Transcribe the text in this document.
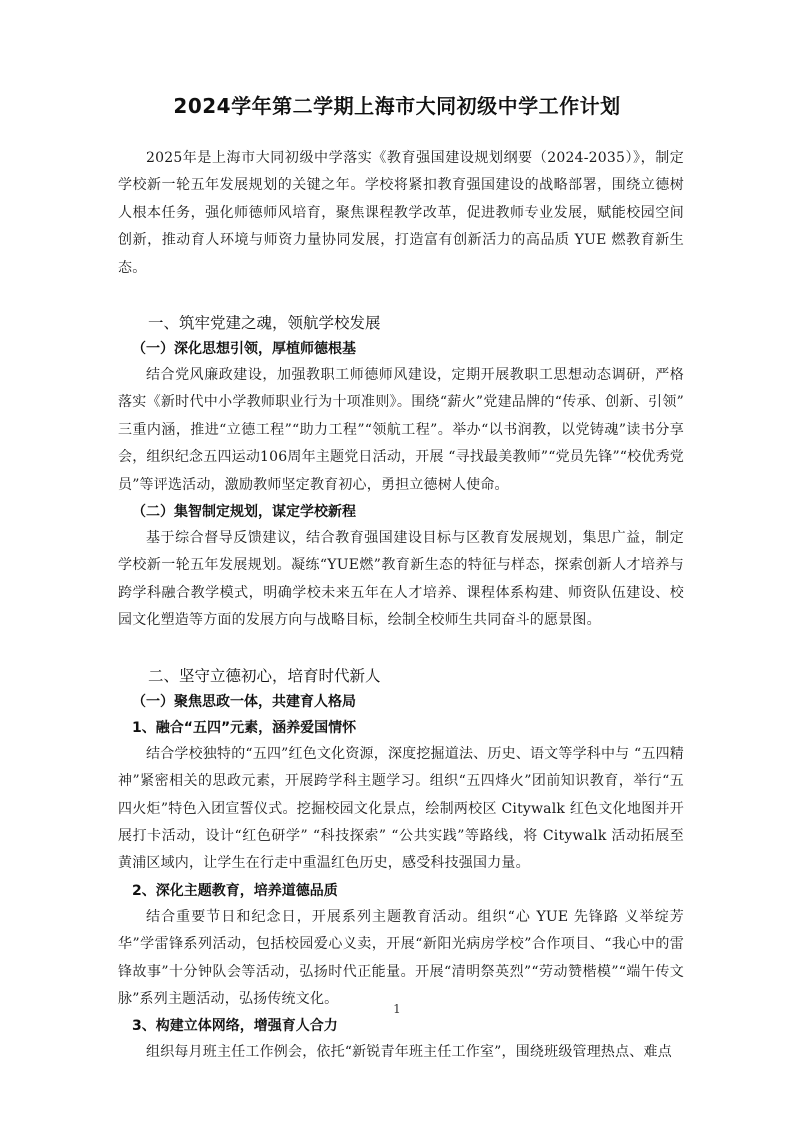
2024学年第二学期上海市大同初级中学工作计划

2025年是上海市大同初级中学落实《教育强国建设规划纲要（2024-2035）》，制定学校新一轮五年发展规划的关键之年。学校将紧扣教育强国建设的战略部署，围绕立德树人根本任务，强化师德师风培育，聚焦课程教学改革，促进教师专业发展，赋能校园空间创新，推动育人环境与师资力量协同发展，打造富有创新活力的高品质 YUE 燃教育新生态。

一、筑牢党建之魂，领航学校发展
（一）深化思想引领，厚植师德根基

结合党风廉政建设，加强教职工师德师风建设，定期开展教职工思想动态调研，严格落实《新时代中小学教师职业行为十项准则》。围绕“薪火”党建品牌的“传承、创新、引领” 三重内涵，推进“立德工程”“助力工程”“领航工程”。举办“以书润教，以党铸魂”读书分享会，组织纪念五四运动106周年主题党日活动，开展 “寻找最美教师”“党员先锋”“校优秀党员”等评选活动，激励教师坚定教育初心，勇担立德树人使命。

（二）集智制定规划，谋定学校新程

基于综合督导反馈建议，结合教育强国建设目标与区教育发展规划，集思广益，制定学校新一轮五年发展规划。凝练“YUE燃”教育新生态的特征与样态，探索创新人才培养与跨学科融合教学模式，明确学校未来五年在人才培养、课程体系构建、师资队伍建设、校园文化塑造等方面的发展方向与战略目标，绘制全校师生共同奋斗的愿景图。

二、坚守立德初心，培育时代新人
（一）聚焦思政一体，共建育人格局
1、融合“五四”元素，涵养爱国情怀

结合学校独特的“五四”红色文化资源，深度挖掘道法、历史、语文等学科中与 “五四精神”紧密相关的思政元素，开展跨学科主题学习。组织“五四烽火”团前知识教育，举行“五四火炬”特色入团宣誓仪式。挖掘校园文化景点，绘制两校区 Citywalk 红色文化地图并开展打卡活动，设计“红色研学” “科技探索” “公共实践”等路线，将 Citywalk 活动拓展至黄浦区域内，让学生在行走中重温红色历史，感受科技强国力量。

2、深化主题教育，培养道德品质

结合重要节日和纪念日，开展系列主题教育活动。组织“心 YUE 先锋路 义举绽芳华”学雷锋系列活动，包括校园爱心义卖，开展“新阳光病房学校”合作项目、“我心中的雷锋故事”十分钟队会等活动，弘扬时代正能量。开展“清明祭英烈”“劳动赞楷模”“端午传文脉”系列主题活动，弘扬传统文化。

3、构建立体网络，增强育人合力

组织每月班主任工作例会，依托“新锐青年班主任工作室”，围绕班级管理热点、难点

1
